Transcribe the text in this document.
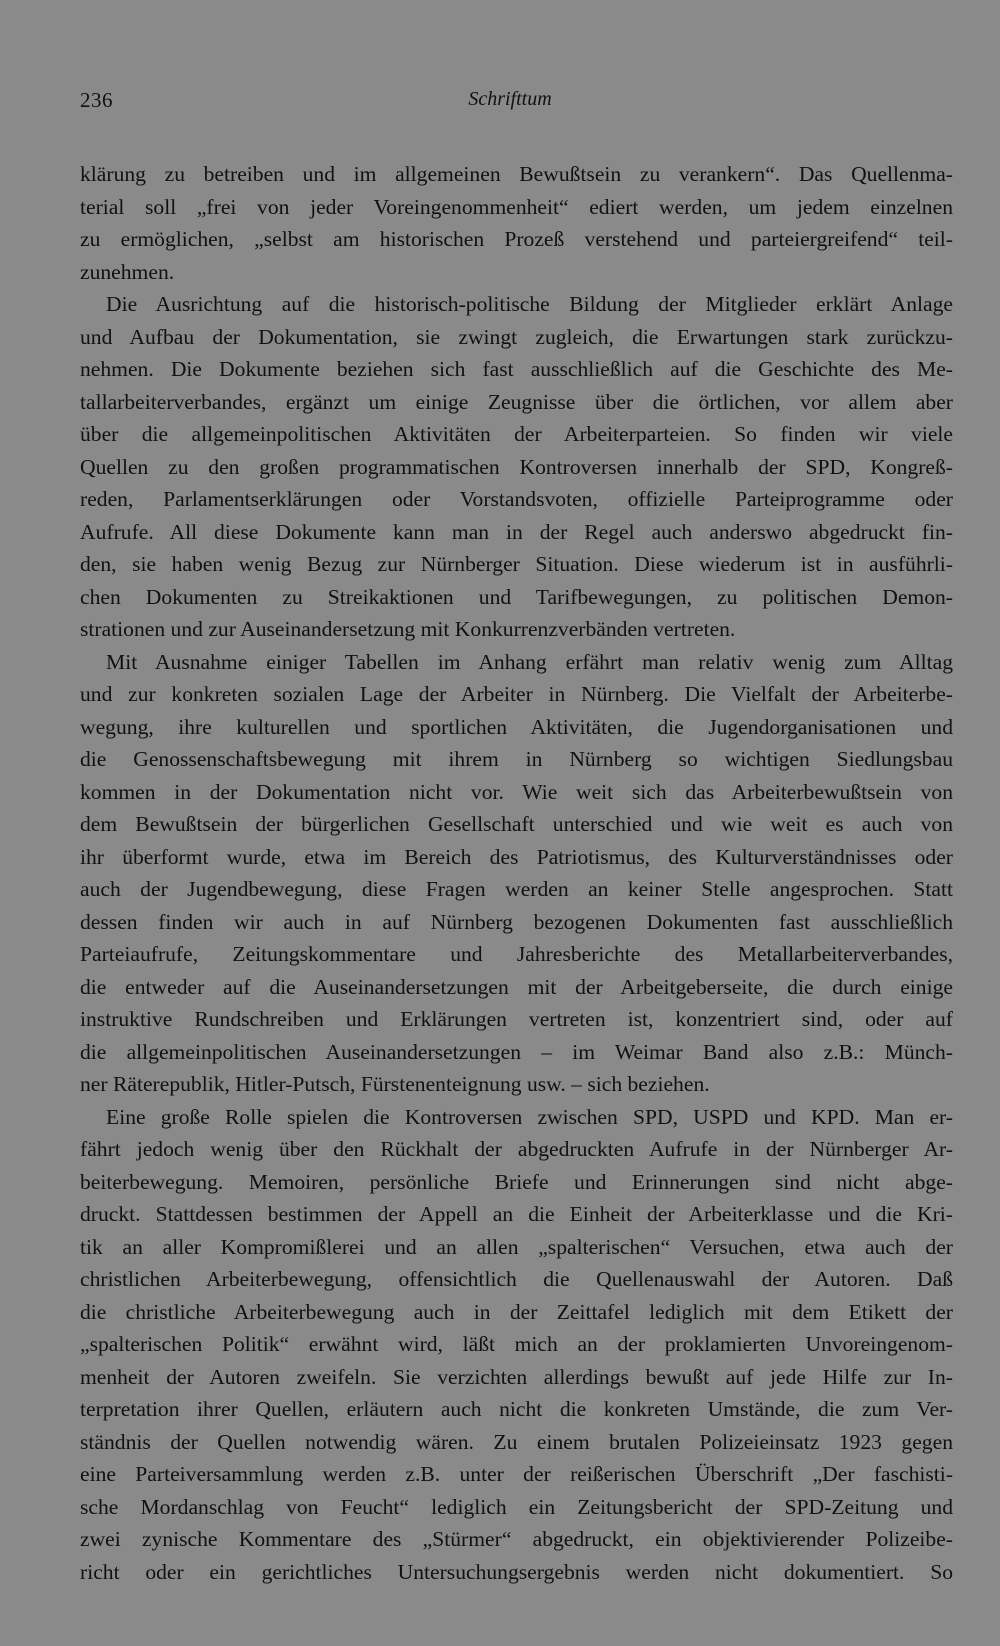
236	Schrifttum
klärung zu betreiben und im allgemeinen Bewußtsein zu verankern“. Das Quellenma-
terial soll „frei von jeder Voreingenommenheit“ ediert werden, um jedem einzelnen
zu ermöglichen, „selbst am historischen Prozeß verstehend und parteiergreifend“ teil-
zunehmen.
Die Ausrichtung auf die historisch-politische Bildung der Mitglieder erklärt Anlage
und Aufbau der Dokumentation, sie zwingt zugleich, die Erwartungen stark zurückzu-
nehmen. Die Dokumente beziehen sich fast ausschließlich auf die Geschichte des Me-
tallarbeiterverbandes, ergänzt um einige Zeugnisse über die örtlichen, vor allem aber
über die allgemeinpolitischen Aktivitäten der Arbeiterparteien. So finden wir viele
Quellen zu den großen programmatischen Kontroversen innerhalb der SPD, Kongreß-
reden, Parlamentserklärungen oder Vorstandsvoten, offizielle Parteiprogramme oder
Aufrufe. All diese Dokumente kann man in der Regel auch anderswo abgedruckt fin-
den, sie haben wenig Bezug zur Nürnberger Situation. Diese wiederum ist in ausführli-
chen Dokumenten zu Streikaktionen und Tarifbewegungen, zu politischen Demon-
strationen und zur Auseinandersetzung mit Konkurrenzverbänden vertreten.
Mit Ausnahme einiger Tabellen im Anhang erfährt man relativ wenig zum Alltag
und zur konkreten sozialen Lage der Arbeiter in Nürnberg. Die Vielfalt der Arbeiterbe-
wegung, ihre kulturellen und sportlichen Aktivitäten, die Jugendorganisationen und
die Genossenschaftsbewegung mit ihrem in Nürnberg so wichtigen Siedlungsbau
kommen in der Dokumentation nicht vor. Wie weit sich das Arbeiterbewußtsein von
dem Bewußtsein der bürgerlichen Gesellschaft unterschied und wie weit es auch von
ihr überformt wurde, etwa im Bereich des Patriotismus, des Kulturverständnisses oder
auch der Jugendbewegung, diese Fragen werden an keiner Stelle angesprochen. Statt
dessen finden wir auch in auf Nürnberg bezogenen Dokumenten fast ausschließlich
Parteiaufrufe, Zeitungskommentare und Jahresberichte des Metallarbeiterverbandes,
die entweder auf die Auseinandersetzungen mit der Arbeitgeberseite, die durch einige
instruktive Rundschreiben und Erklärungen vertreten ist, konzentriert sind, oder auf
die allgemeinpolitischen Auseinandersetzungen – im Weimar Band also z.B.: Münch-
ner Räterepublik, Hitler-Putsch, Fürstenenteignung usw. – sich beziehen.
Eine große Rolle spielen die Kontroversen zwischen SPD, USPD und KPD. Man er-
fährt jedoch wenig über den Rückhalt der abgedruckten Aufrufe in der Nürnberger Ar-
beiterbewegung. Memoiren, persönliche Briefe und Erinnerungen sind nicht abge-
druckt. Stattdessen bestimmen der Appell an die Einheit der Arbeiterklasse und die Kri-
tik an aller Kompromißlerei und an allen „spalterischen“ Versuchen, etwa auch der
christlichen Arbeiterbewegung, offensichtlich die Quellenauswahl der Autoren. Daß
die christliche Arbeiterbewegung auch in der Zeittafel lediglich mit dem Etikett der
„spalterischen Politik“ erwähnt wird, läßt mich an der proklamierten Unvoreingenom-
menheit der Autoren zweifeln. Sie verzichten allerdings bewußt auf jede Hilfe zur In-
terpretation ihrer Quellen, erläutern auch nicht die konkreten Umstände, die zum Ver-
ständnis der Quellen notwendig wären. Zu einem brutalen Polizeieinsatz 1923 gegen
eine Parteiversammlung werden z.B. unter der reißerischen Überschrift „Der faschisti-
sche Mordanschlag von Feucht“ lediglich ein Zeitungsbericht der SPD-Zeitung und
zwei zynische Kommentare des „Stürmer“ abgedruckt, ein objektivierender Polizeibe-
richt oder ein gerichtliches Untersuchungsergebnis werden nicht dokumentiert. So
